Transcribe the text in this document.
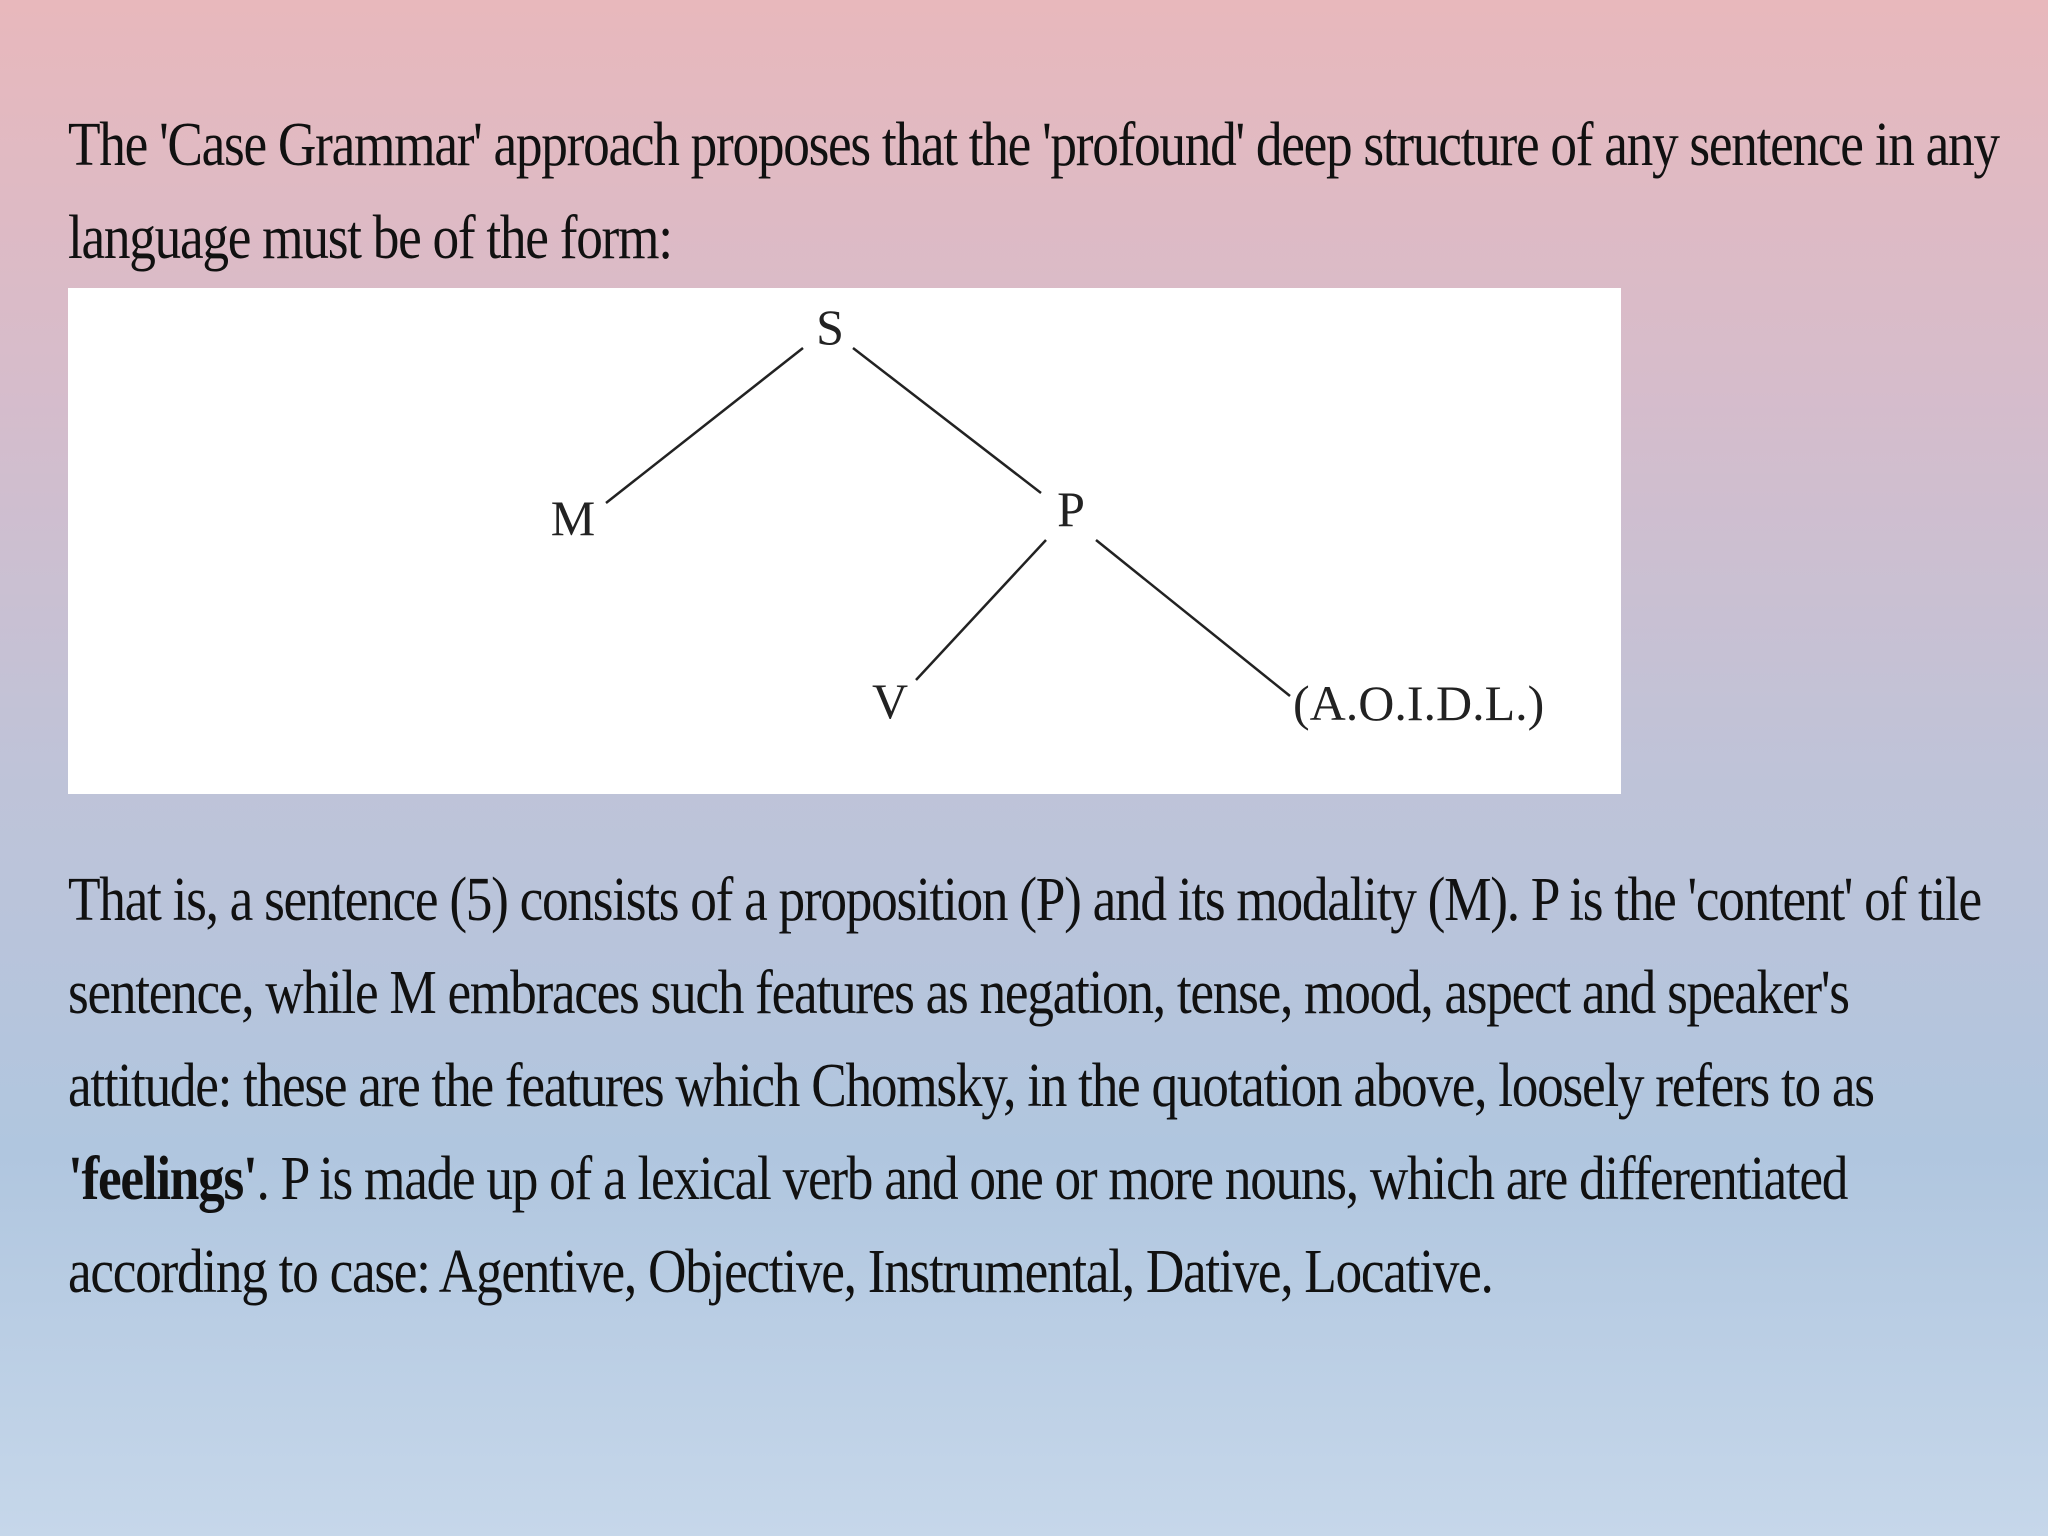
The 'Case Grammar' approach proposes that the 'profound' deep structure of any sentence in any language must be of the form:

S
M	P
V	(A.O.I.D.L.)

That is, a sentence (5) consists of a proposition (P) and its modality (M). P is the 'content' of tile sentence, while M embraces such features as negation, tense, mood, aspect and speaker's attitude: these are the features which Chomsky, in the quotation above, loosely refers to as 'feelings'. P is made up of a lexical verb and one or more nouns, which are differentiated according to case: Agentive, Objective, Instrumental, Dative, Locative.
